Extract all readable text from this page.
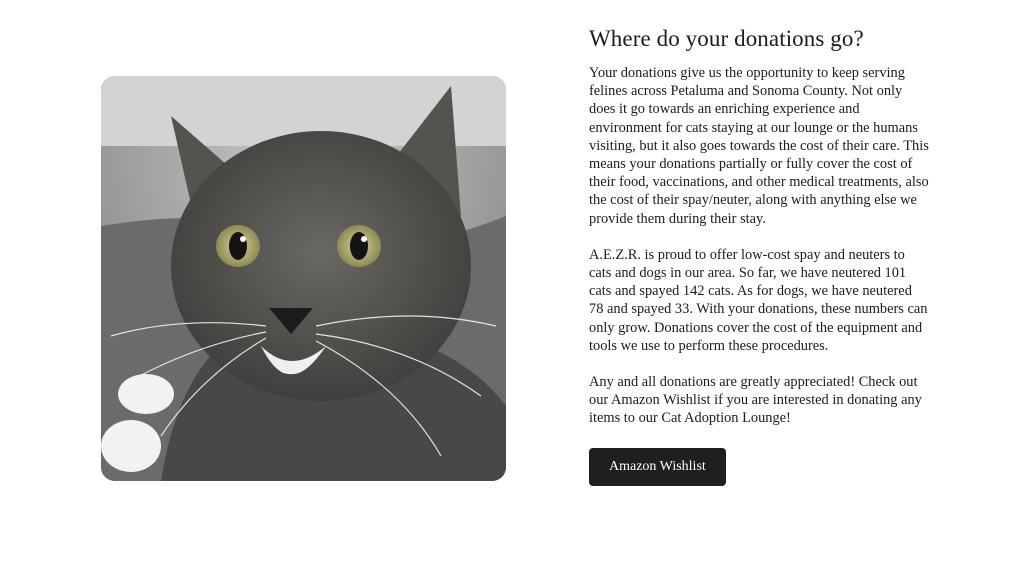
Where do your donations go?

Your donations give us the opportunity to keep serving felines across Petaluma and Sonoma County. Not only does it go towards an enriching experience and environment for cats staying at our lounge or the humans visiting, but it also goes towards the cost of their care. This means your donations partially or fully cover the cost of their food, vaccinations, and other medical treatments, also the cost of their spay/neuter, along with anything else we provide them during their stay.

A.E.Z.R. is proud to offer low-cost spay and neuters to cats and dogs in our area. So far, we have neutered 101 cats and spayed 142 cats. As for dogs, we have neutered 78 and spayed 33. With your donations, these numbers can only grow. Donations cover the cost of the equipment and tools we use to perform these procedures.

Any and all donations are greatly appreciated! Check out our Amazon Wishlist if you are interested in donating any items to our Cat Adoption Lounge!

Amazon Wishlist
